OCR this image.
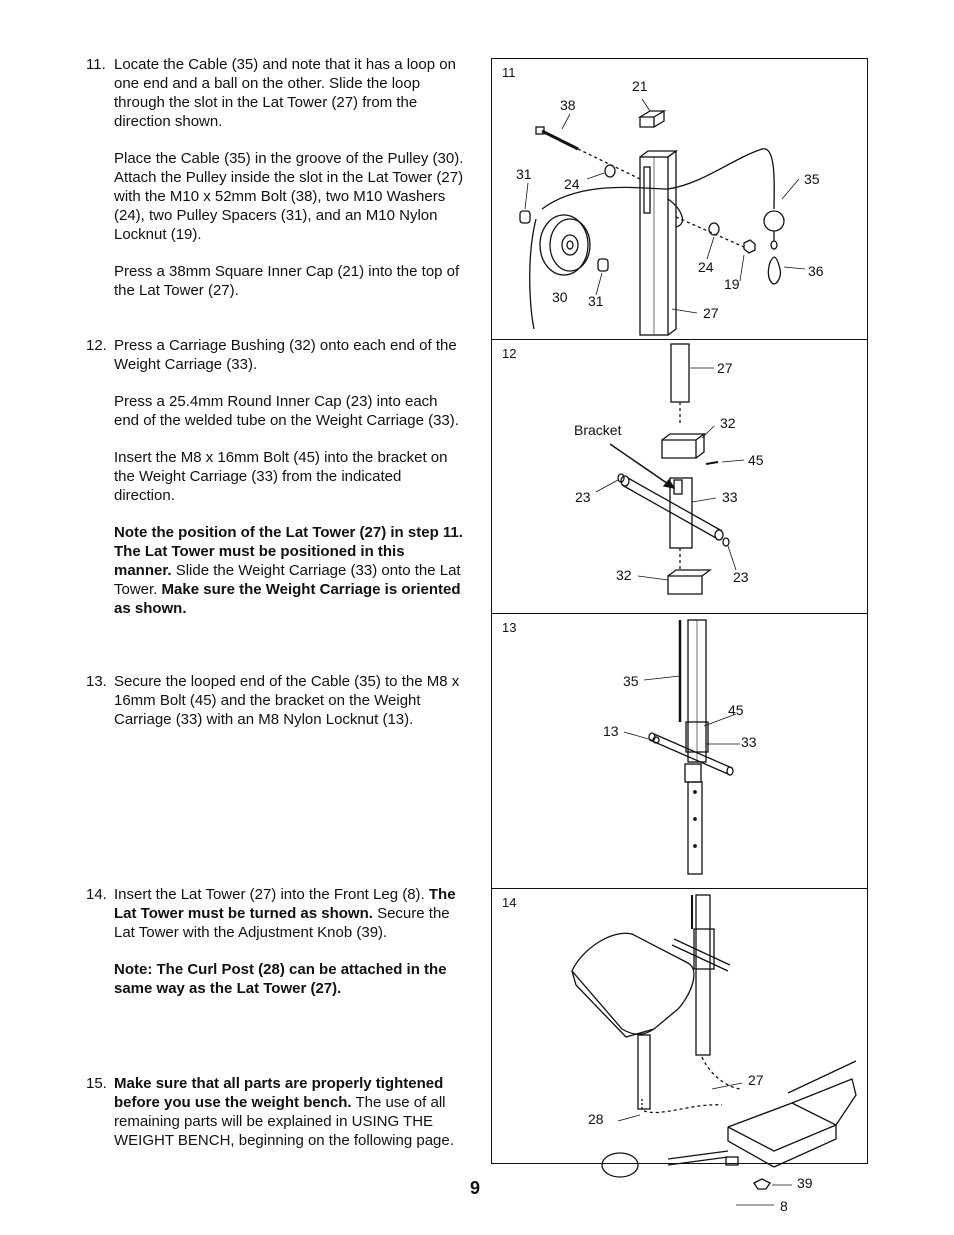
11. Locate the Cable (35) and note that it has a loop on one end and a ball on the other. Slide the loop through the slot in the Lat Tower (27) from the direction shown.

Place the Cable (35) in the groove of the Pulley (30). Attach the Pulley inside the slot in the Lat Tower (27) with the M10 x 52mm Bolt (38), two M10 Washers (24), two Pulley Spacers (31), and an M10 Nylon Locknut (19).

Press a 38mm Square Inner Cap (21) into the top of the Lat Tower (27).

12. Press a Carriage Bushing (32) onto each end of the Weight Carriage (33).

Press a 25.4mm Round Inner Cap (23) into each end of the welded tube on the Weight Carriage (33).

Insert the M8 x 16mm Bolt (45) into the bracket on the Weight Carriage (33) from the indicated direction.

Note the position of the Lat Tower (27) in step 11. The Lat Tower must be positioned in this manner. Slide the Weight Carriage (33) onto the Lat Tower. Make sure the Weight Carriage is oriented as shown.

13. Secure the looped end of the Cable (35) to the M8 x 16mm Bolt (45) and the bracket on the Weight Carriage (33) with an M8 Nylon Locknut (13).

14. Insert the Lat Tower (27) into the Front Leg (8). The Lat Tower must be turned as shown. Secure the Lat Tower with the Adjustment Knob (39).

Note: The Curl Post (28) can be attached in the same way as the Lat Tower (27).

15. Make sure that all parts are properly tightened before you use the weight bench. The use of all remaining parts will be explained in USING THE WEIGHT BENCH, beginning on the following page.

11
21
38
31
24	35
24
19
36
30 31
27
12
27
Bracket	32
45
23	33
32	23
13
35
45
13
33
14
27
28
39
8
9
